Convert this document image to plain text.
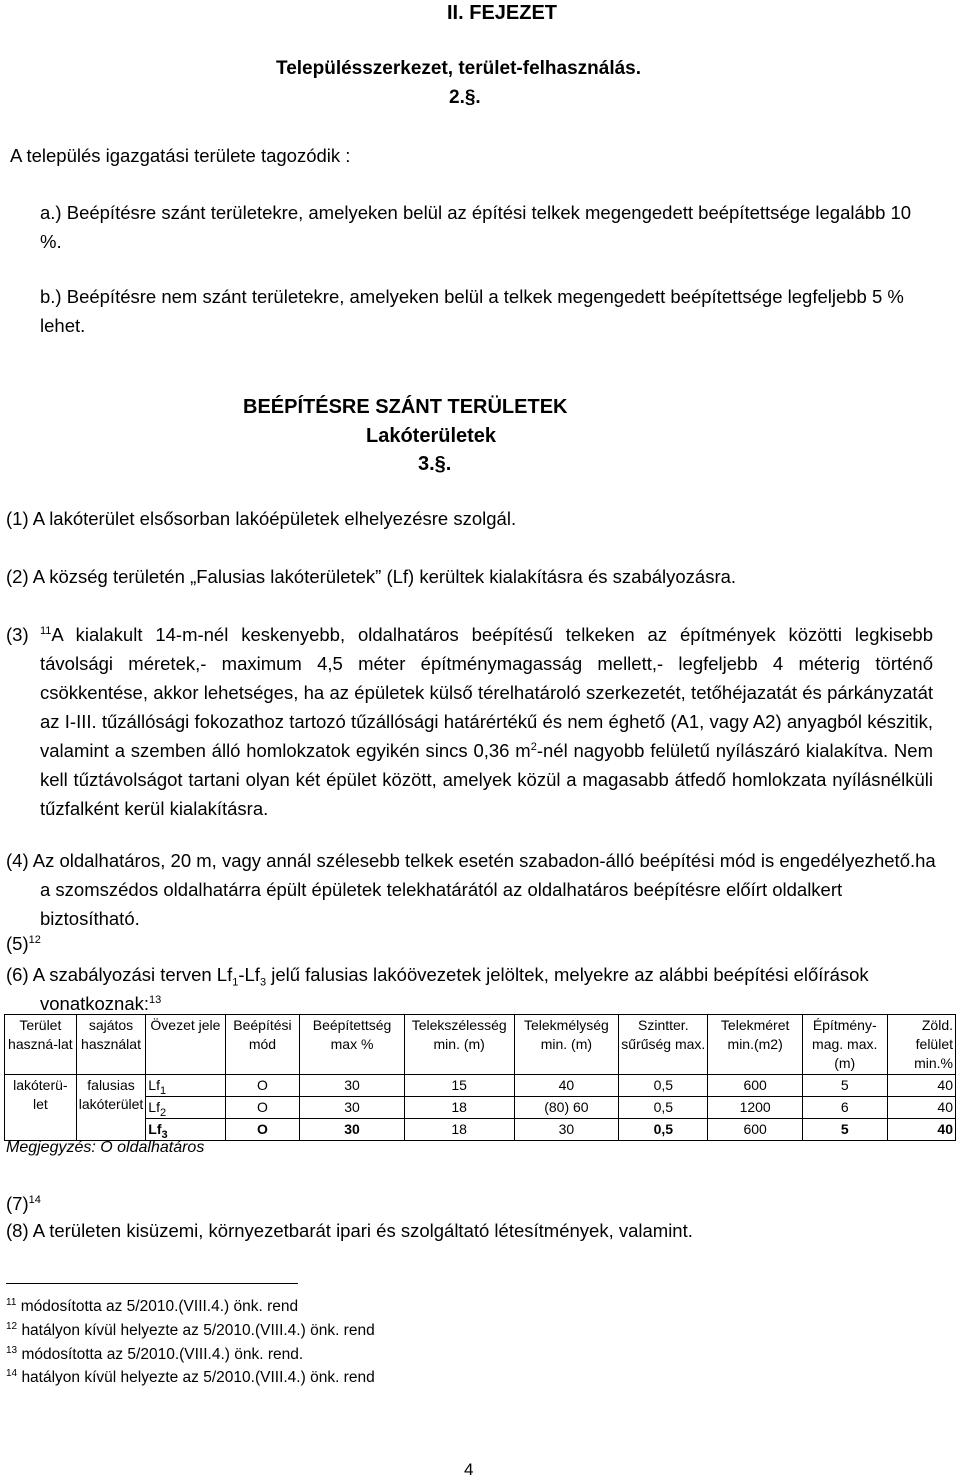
II. FEJEZET
Településszerkezet, terület-felhasználás.
2.§.
A település igazgatási területe tagozódik :
a.) Beépítésre szánt területekre, amelyeken belül az építési telkek megengedett beépítettsége legalább 10 %.
b.) Beépítésre nem szánt területekre, amelyeken belül a telkek megengedett beépítettsége legfeljebb 5 % lehet.
BEÉPÍTÉSRE SZÁNT TERÜLETEK
Lakóterületek
3.§.
(1) A lakóterület elsősorban lakóépületek elhelyezésre szolgál.
(2) A község területén „Falusias lakóterületek” (Lf) kerültek kialakításra és szabályozásra.
(3) $^{11}$A kialakult 14-m-nél keskenyebb, oldalhatáros beépítésű telkeken az építmények közötti legkisebb távolsági méretek,- maximum 4,5 méter építménymagasság mellett,- legfeljebb 4 méterig történő csökkentése, akkor lehetséges, ha az épületek külső térelhatároló szerkezetét, tetőhéjazatát és párkányzatát az I-III. tűzállósági fokozathoz tartozó tűzállósági határértékű és nem éghető (A1, vagy A2) anyagból készitik, valamint a szemben álló homlokzatok egyikén sincs 0,36 $m^2$-nél nagyobb felületű nyílászáró kialakítva. Nem kell tűztávolságot tartani olyan két épület között, amelyek közül a magasabb átfedő homlokzata nyílásnélküli tűzfalként kerül kialakításra.
(4) Az oldalhatáros, 20 m, vagy annál szélesebb telkek esetén szabadon-álló beépítési mód is engedélyezhető.ha a szomszédos oldalhatárra épült épületek telekhatárától az oldalhatáros beépítésre előírt oldalkert biztosítható.
$(5)^{12}$
(6) A szabályozási terven $Lf_1-Lf_3$ jelű falusias lakóövezetek jelöltek, melyekre az alábbi beépítési előírások vonatkoznak:$^{13}$
Terület haszná-lat	sajátos használat	Övezet jele	Beépítési mód	Beépítettség max %	Telekszélesség min. (m)	Telekmélység min. (m)	Szintter. sűrűség max.	Telekméret min.(m2)	Építmény-mag. max.(m)	Zöld. felület min.%
lakóterü-let	falusias lakóterület	$Lf_1$	O	30	15	40	0,5	600	5	40
		$Lf_2$	O	30	18	(80) 60	0,5	1200	6	40
		$Lf_3$	O	30	18	30	0,5	600	5	40
Megjegyzés: O oldalhatáros
$(7)^{14}$
(8) A területen kisüzemi, környezetbarát ipari és szolgáltató létesítmények, valamint.
$^{11}$ módosította az 5/2010.(VIII.4.) önk. rend
$^{12}$ hatályon kívül helyezte az 5/2010.(VIII.4.) önk. rend
$^{13}$ módosította az 5/2010.(VIII.4.) önk. rend.
$^{14}$ hatályon kívül helyezte az 5/2010.(VIII.4.) önk. rend
4
